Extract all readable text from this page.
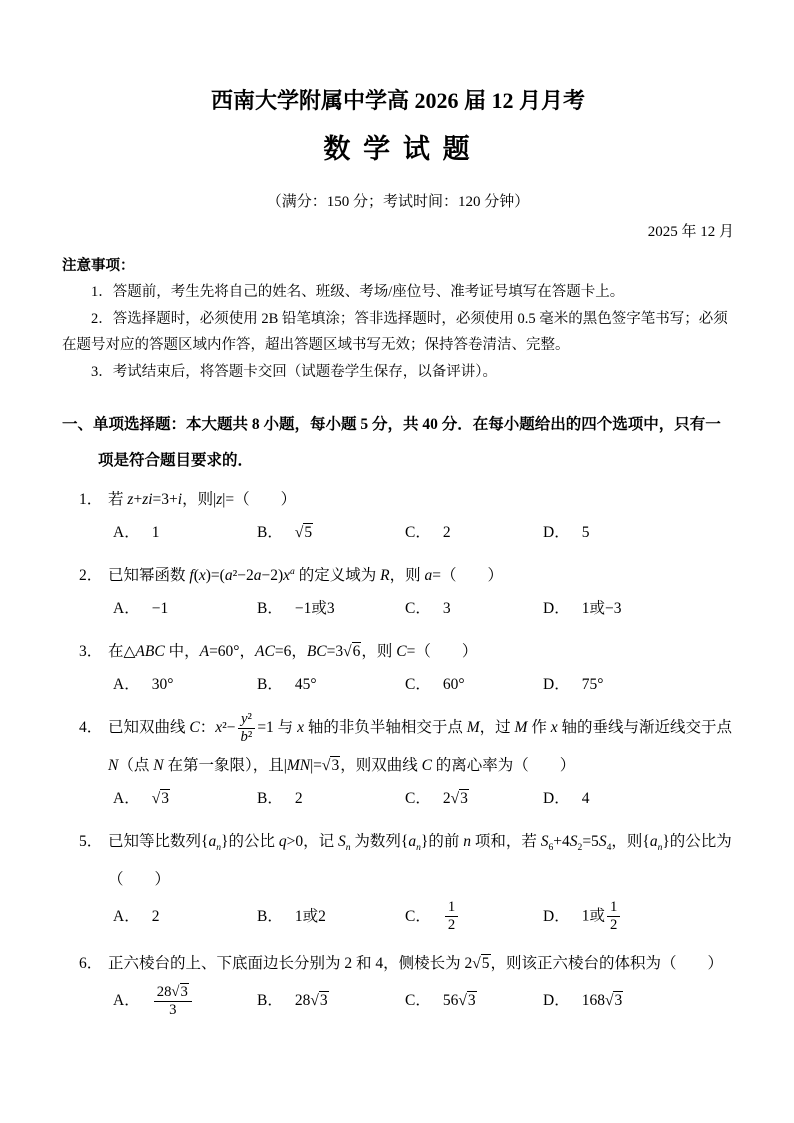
西南大学附属中学高 2026 届 12 月月考
数 学 试 题
（满分：150 分；考试时间：120 分钟）
2025 年 12 月
注意事项：

1．答题前，考生先将自己的姓名、班级、考场/座位号、准考证号填写在答题卡上。

2．答选择题时，必须使用 2B 铅笔填涂；答非选择题时，必须使用 0.5 毫米的黑色签字笔书写；必须在题号对应的答题区域内作答，超出答题区域书写无效；保持答卷清洁、完整。

3．考试结束后，将答题卡交回（试题卷学生保存，以备评讲）。

一、单项选择题：本大题共 8 小题，每小题 5 分，共 40 分．在每小题给出的四个选项中，只有一项是符合题目要求的．
1． 若 z+zi=3+i，则|z|=（　　）
A． 1	B． √5	C． 2	D． 5
2． 已知幂函数 $f(x)=(a^2-2a-2)x^a$ 的定义域为 R，则 a=（　　）
A． −1	B． −1或3	C． 3	D． 1或−3
3． 在△ABC 中，A=60°，AC=6，BC=3√6，则 C=（　　）
A． 30°	B． 45°	C． 60°	D． 75°
4． 已知双曲线 C：$x^2- \frac{\text{y²}}{\text{b²}} =1$ 与 x 轴的非负半轴相交于点 M，过 M 作 x 轴的垂线与渐近线交于点 N（点 N 在第一象限），且|MN|=√3，则双曲线 C 的离心率为（　　）
A． √3	B． 2	C． 2√3	D． 4
5． 已知等比数列$\{a_n\}$的公比 q>0，记 $S_n$ 为数列$\{a_n\}$的前 n 项和，若 $S_6+4S_2=5S_4$，则$\{a_n\}$的公比为（　　）
A． 2	B． 1或2	C． $\frac{1}{2}$	D． 1或 $\frac{1}{2}$
6． 正六棱台的上、下底面边长分别为 2 和 4，侧棱长为 2√5，则该正六棱台的体积为（　　）
A． $\frac{28√3}{3}$	B． 28√3	C． 56√3	D． 168√3
